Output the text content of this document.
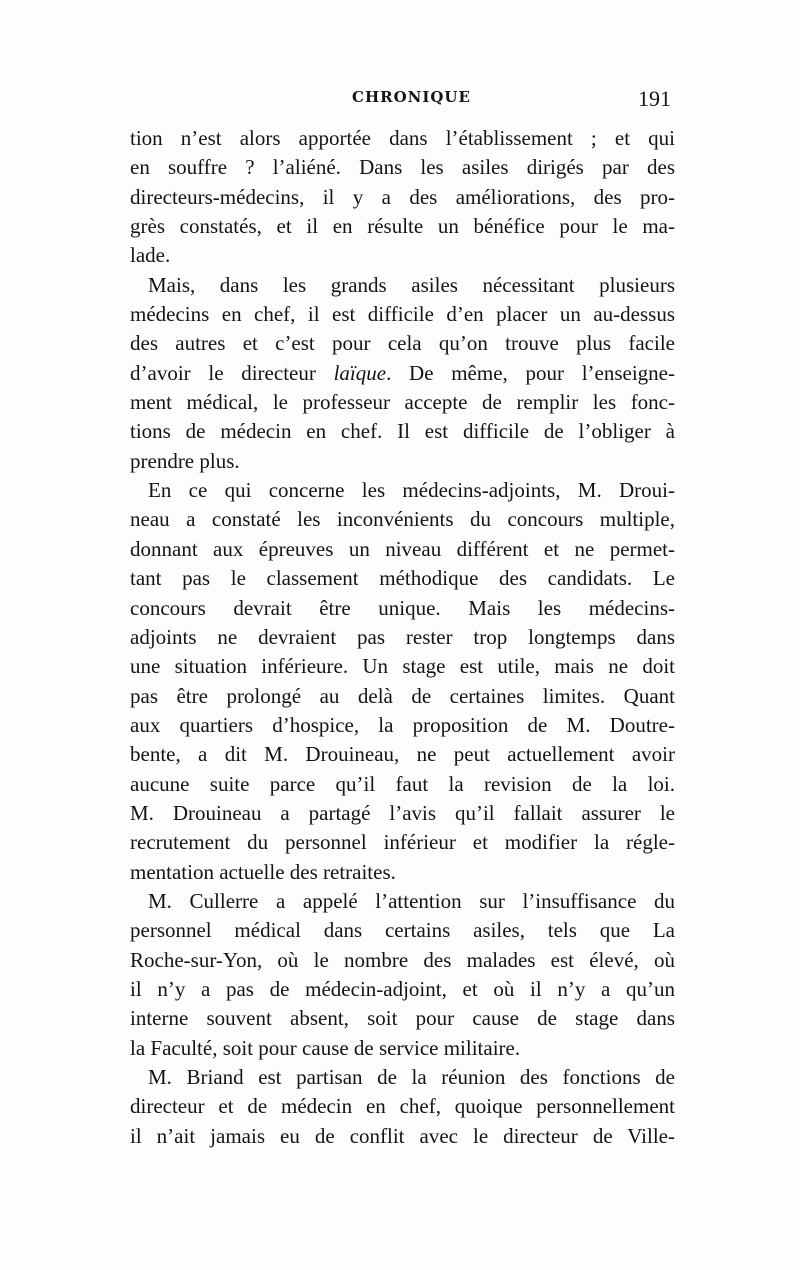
CHRONIQUE	191
tion n’est alors apportée dans l’établissement ; et qui
en souffre ? l’aliéné. Dans les asiles dirigés par des
directeurs-médecins, il y a des améliorations, des pro-
grès constatés, et il en résulte un bénéfice pour le ma-
lade.
Mais, dans les grands asiles nécessitant plusieurs
médecins en chef, il est difficile d’en placer un au-dessus
des autres et c’est pour cela qu’on trouve plus facile
d’avoir le directeur laïque. De même, pour l’enseigne-
ment médical, le professeur accepte de remplir les fonc-
tions de médecin en chef. Il est difficile de l’obliger à
prendre plus.
En ce qui concerne les médecins-adjoints, M. Droui-
neau a constaté les inconvénients du concours multiple,
donnant aux épreuves un niveau différent et ne permet-
tant pas le classement méthodique des candidats. Le
concours devrait être unique. Mais les médecins-
adjoints ne devraient pas rester trop longtemps dans
une situation inférieure. Un stage est utile, mais ne doit
pas être prolongé au delà de certaines limites. Quant
aux quartiers d’hospice, la proposition de M. Doutre-
bente, a dit M. Drouineau, ne peut actuellement avoir
aucune suite parce qu’il faut la revision de la loi.
M. Drouineau a partagé l’avis qu’il fallait assurer le
recrutement du personnel inférieur et modifier la régle-
mentation actuelle des retraites.
M. Cullerre a appelé l’attention sur l’insuffisance du
personnel médical dans certains asiles, tels que La
Roche-sur-Yon, où le nombre des malades est élevé, où
il n’y a pas de médecin-adjoint, et où il n’y a qu’un
interne souvent absent, soit pour cause de stage dans
la Faculté, soit pour cause de service militaire.
M. Briand est partisan de la réunion des fonctions de
directeur et de médecin en chef, quoique personnellement
il n’ait jamais eu de conflit avec le directeur de Ville-
